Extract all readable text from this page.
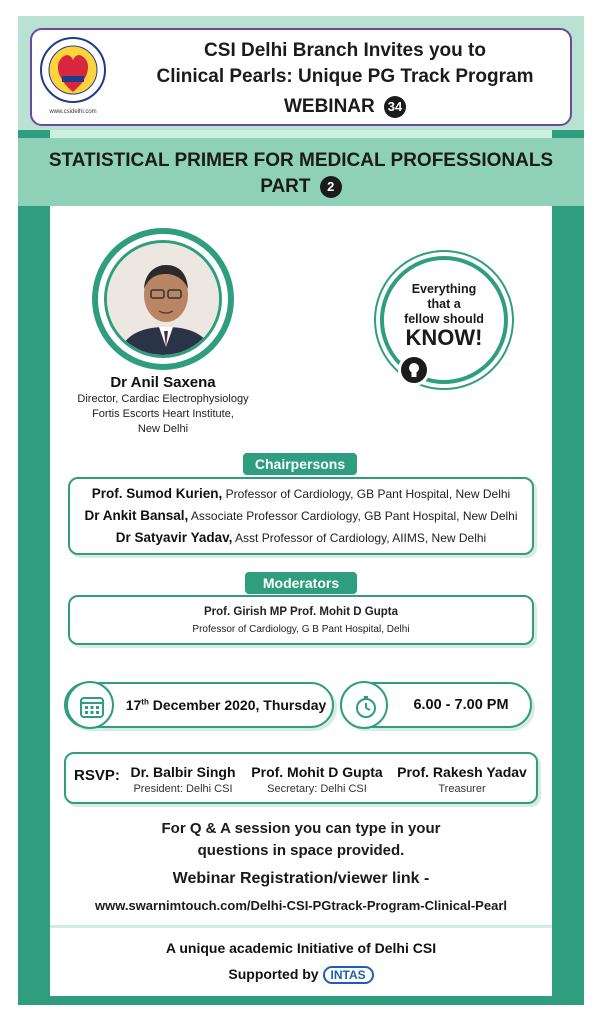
www.csidelhi.com
CSI Delhi Branch Invites you to
Clinical Pearls: Unique PG Track Program
WEBINAR 34
STATISTICAL PRIMER FOR MEDICAL PROFESSIONALS
PART 2
Dr Anil Saxena
Director, Cardiac Electrophysiology
Fortis Escorts Heart Institute,
New Delhi
Everything
that a
fellow should
KNOW!
Chairpersons
Prof. Sumod Kurien, Professor of Cardiology, GB Pant Hospital, New Delhi
Dr Ankit Bansal, Associate Professor Cardiology, GB Pant Hospital, New Delhi
Dr Satyavir Yadav, Asst Professor of Cardiology, AIIMS, New Delhi
Moderators
Prof. Girish MP Prof. Mohit D Gupta
Professor of Cardiology, G B Pant Hospital, Delhi
17th December 2020, Thursday	6.00 - 7.00 PM
RSVP: Dr. Balbir Singh
President: Delhi CSI
Prof. Mohit D Gupta
Secretary: Delhi CSI
Prof. Rakesh Yadav
Treasurer
For Q & A session you can type in your
questions in space provided.
Webinar Registration/viewer link -
www.swarnimtouch.com/Delhi-CSI-PGtrack-Program-Clinical-Pearl
A unique academic Initiative of Delhi CSI
Supported by INTAS
